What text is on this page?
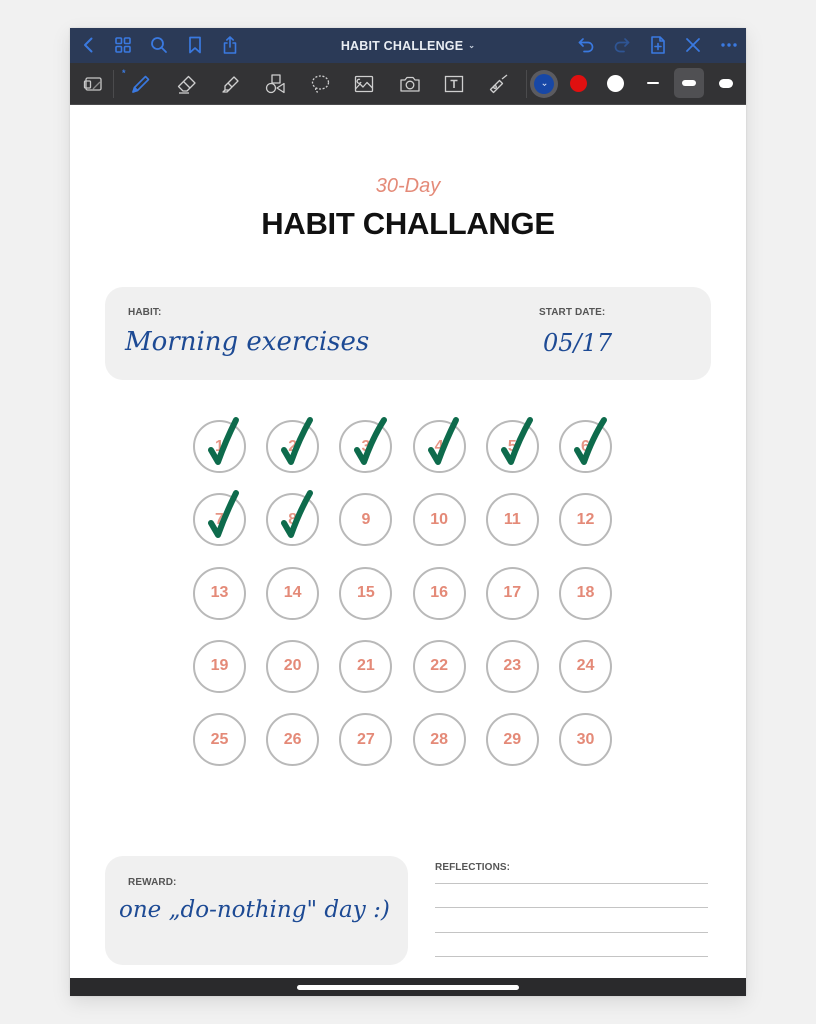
HABIT CHALLENGE ⌄
*
30-Day
HABIT CHALLANGE
HABIT:
Morning exercises
START DATE:
05/17
1	2	3	4	5	6
7	8	9	10	11	12
13	14	15	16	17	18
19	20	21	22	23	24
25	26	27	28	29	30
REWARD:
one „do-nothing" day :)
REFLECTIONS:
